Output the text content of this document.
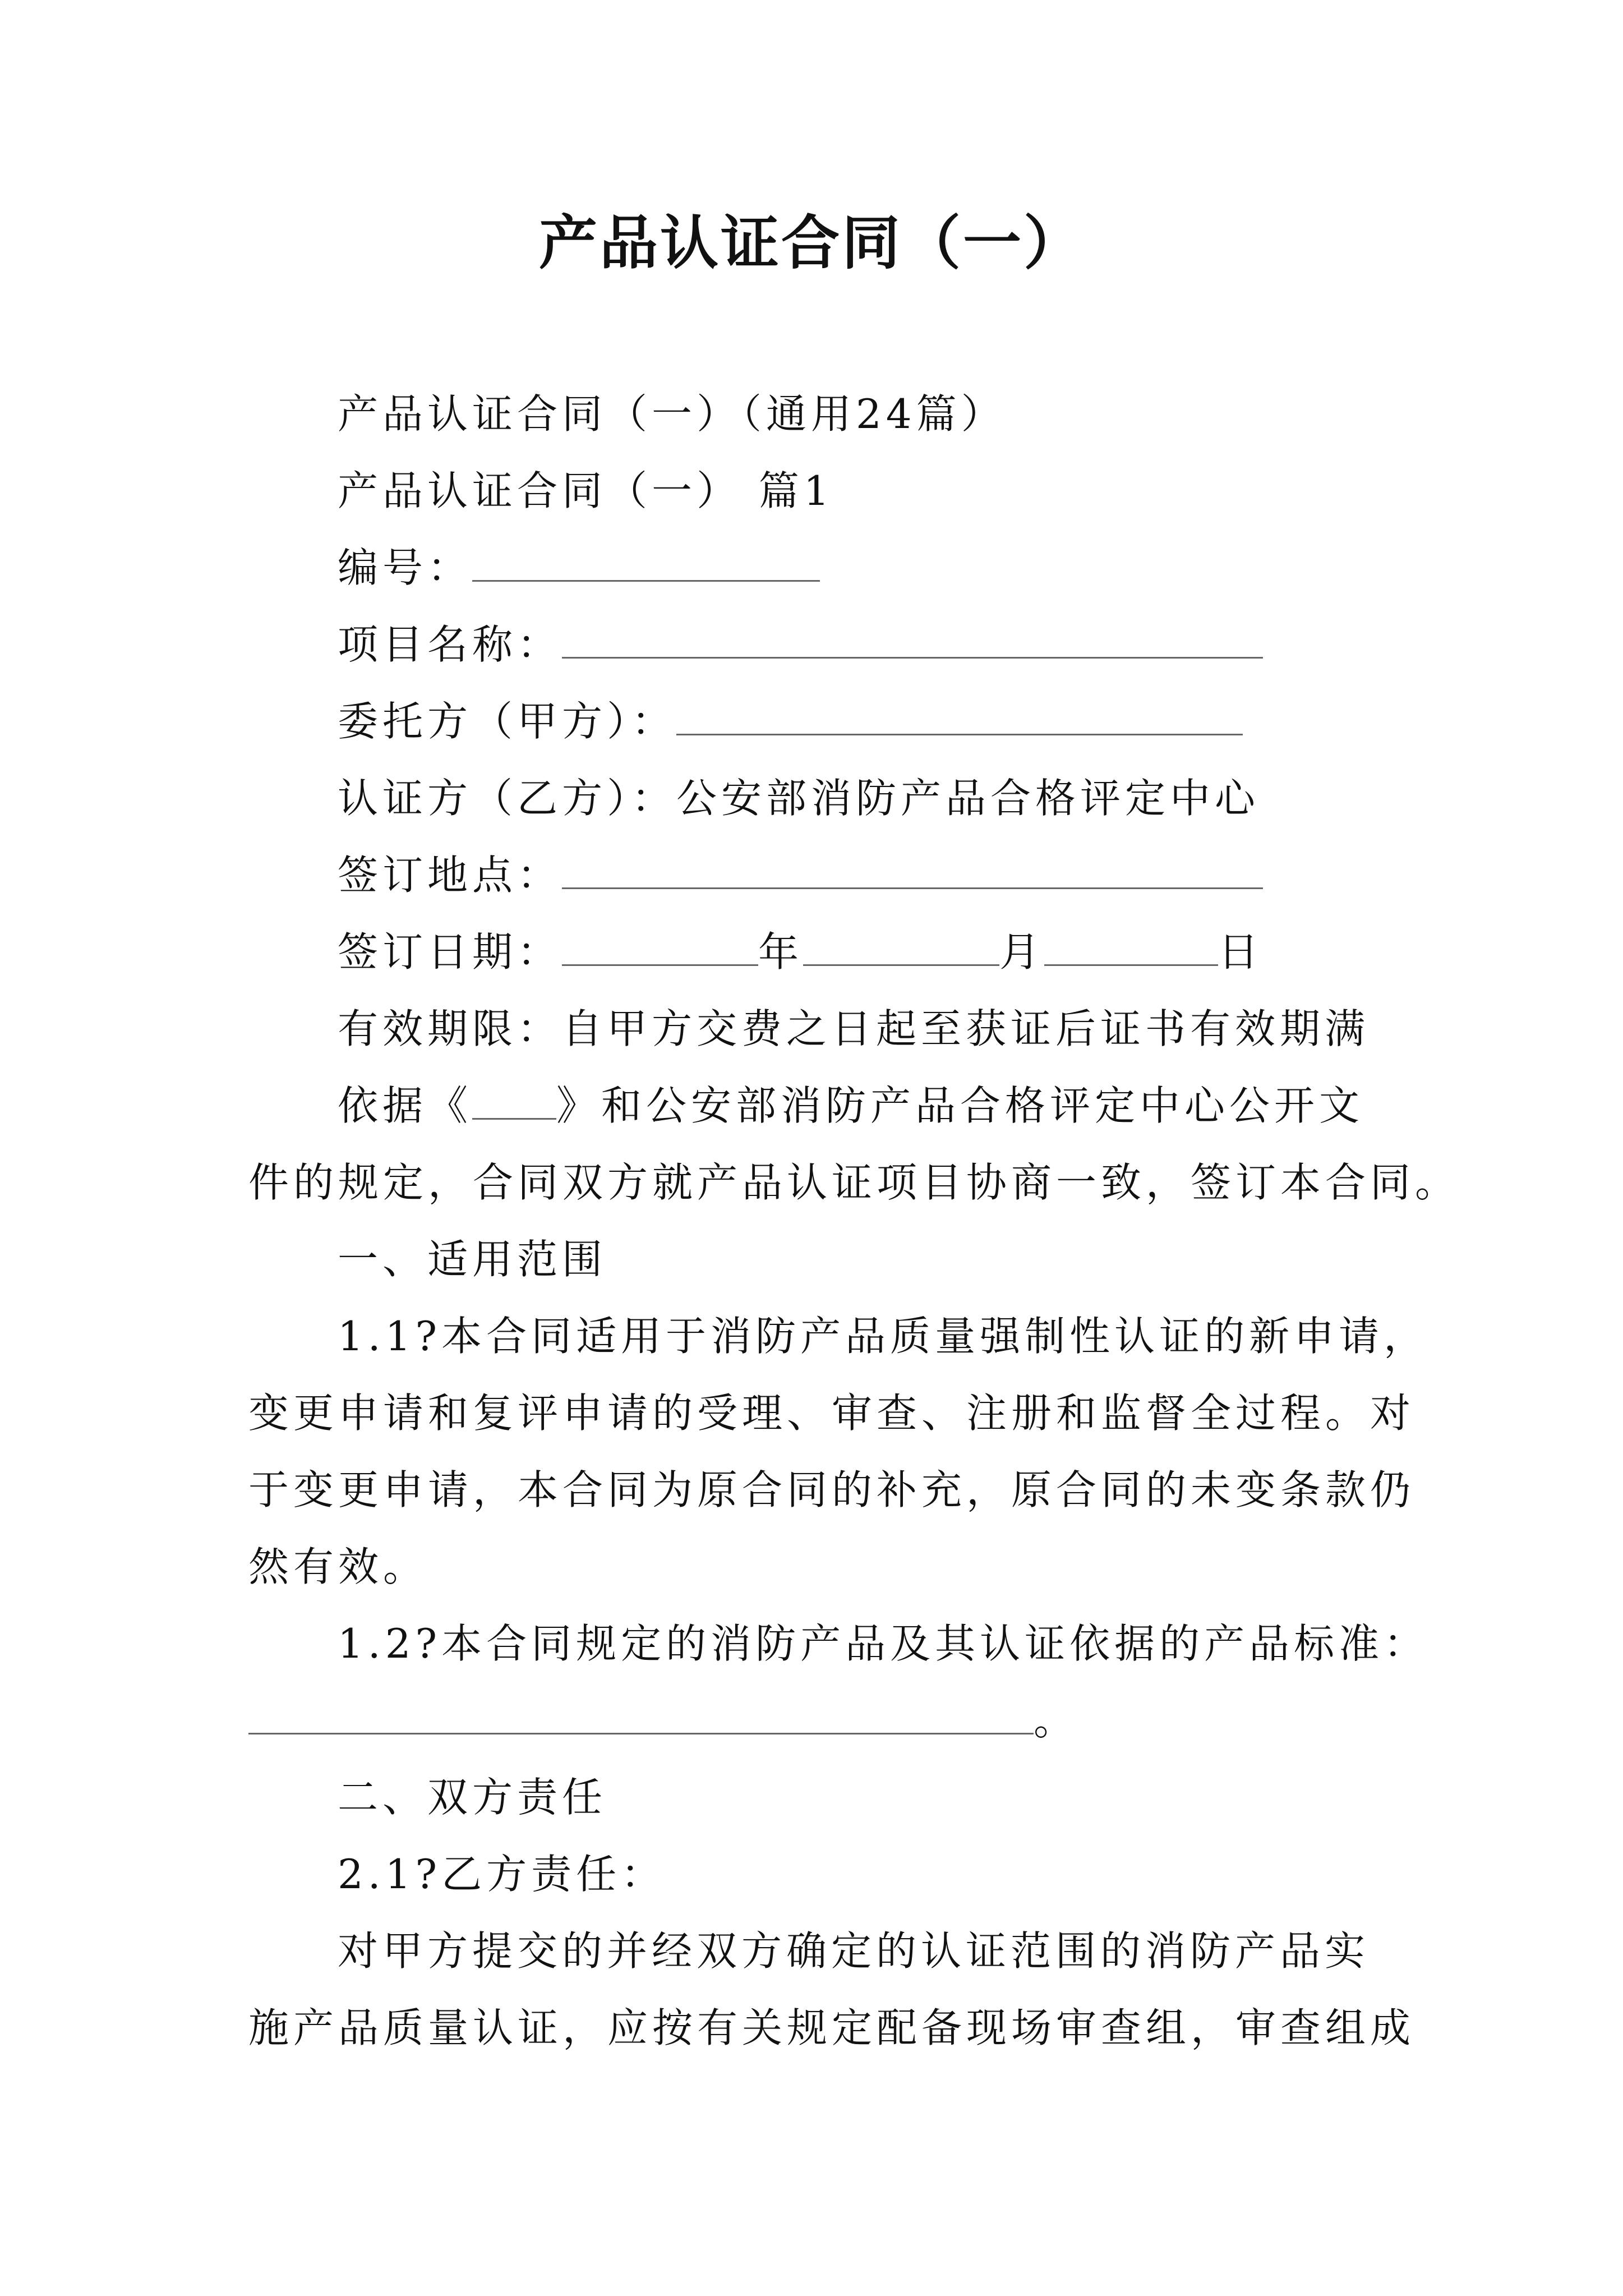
产品认证合同（一）
产品认证合同（一）（通用24篇）
产品认证合同（一） 篇1
编号：
项目名称：
委托方（甲方）：
认证方（乙方）：公安部消防产品合格评定中心
签订地点：
签订日期：	年	月	日
有效期限：自甲方交费之日起至获证后证书有效期满
依据《 》和公安部消防产品合格评定中心公开文
件的规定，合同双方就产品认证项目协商一致，签订本合同。
一、适用范围
1.1?本合同适用于消防产品质量强制性认证的新申请，
变更申请和复评申请的受理、审查、注册和监督全过程。对
于变更申请，本合同为原合同的补充，原合同的未变条款仍
然有效。
1.2?本合同规定的消防产品及其认证依据的产品标准：
。
二、双方责任
2.1?乙方责任：
对甲方提交的并经双方确定的认证范围的消防产品实
施产品质量认证，应按有关规定配备现场审查组，审查组成
